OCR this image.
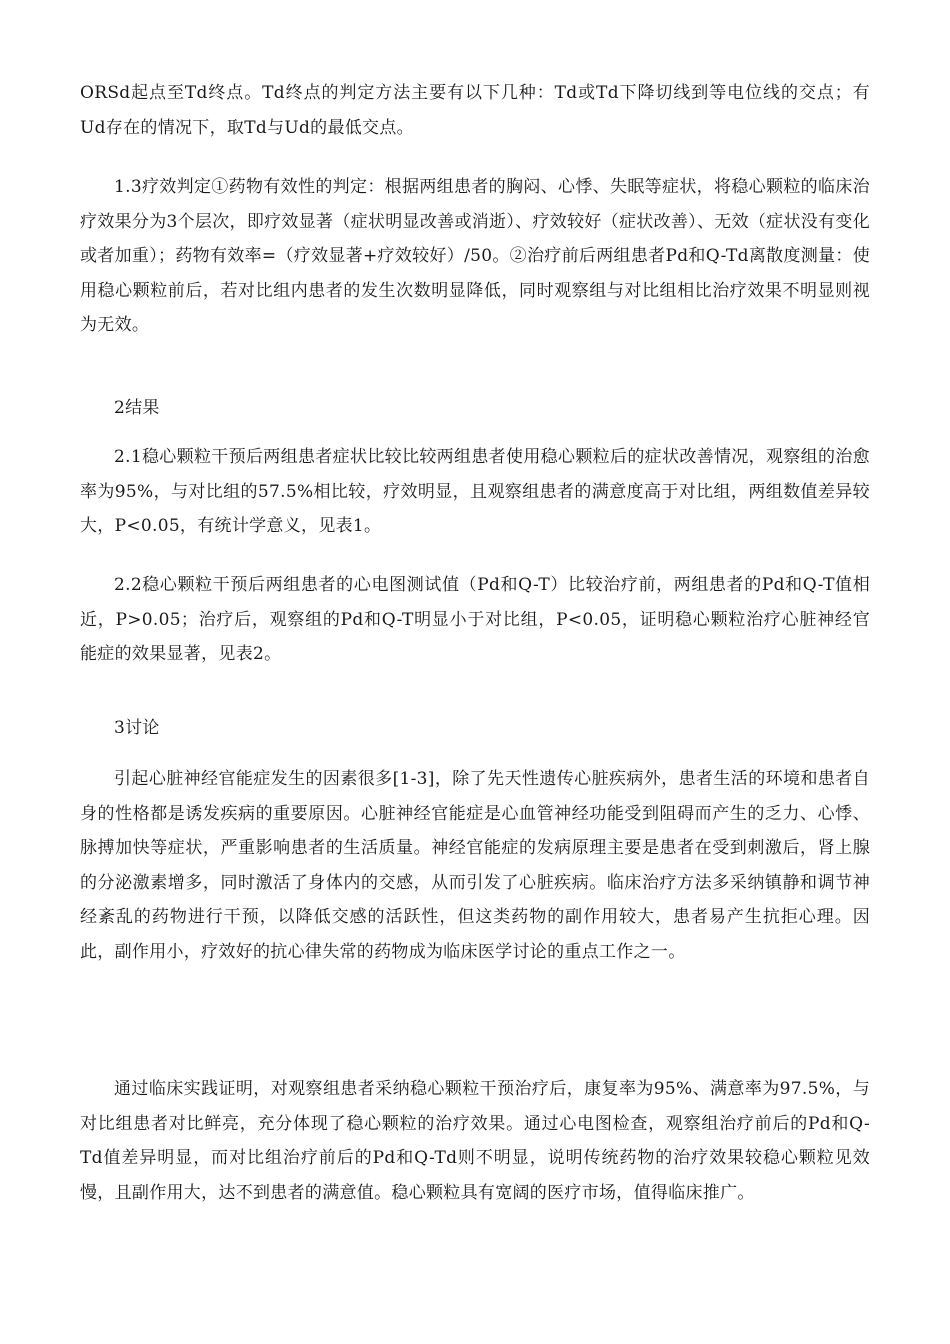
ORSd起点至Td终点。Td终点的判定方法主要有以下几种：Td或Td下降切线到等电位线的交点；有Ud存在的情况下，取Td与Ud的最低交点。

1.3疗效判定①药物有效性的判定：根据两组患者的胸闷、心悸、失眠等症状，将稳心颗粒的临床治疗效果分为3个层次，即疗效显著（症状明显改善或消逝）、疗效较好（症状改善）、无效（症状没有变化或者加重）；药物有效率=（疗效显著+疗效较好）/50。②治疗前后两组患者Pd和Q-Td离散度测量：使用稳心颗粒前后，若对比组内患者的发生次数明显降低，同时观察组与对比组相比治疗效果不明显则视为无效。

2结果

2.1稳心颗粒干预后两组患者症状比较比较两组患者使用稳心颗粒后的症状改善情况，观察组的治愈率为95%，与对比组的57.5%相比较，疗效明显，且观察组患者的满意度高于对比组，两组数值差异较大，P<0.05，有统计学意义，见表1。

2.2稳心颗粒干预后两组患者的心电图测试值（Pd和Q-T）比较治疗前，两组患者的Pd和Q-T值相近，P>0.05；治疗后，观察组的Pd和Q-T明显小于对比组，P<0.05，证明稳心颗粒治疗心脏神经官能症的效果显著，见表2。

3讨论

引起心脏神经官能症发生的因素很多[1-3]，除了先天性遗传心脏疾病外，患者生活的环境和患者自身的性格都是诱发疾病的重要原因。心脏神经官能症是心血管神经功能受到阻碍而产生的乏力、心悸、脉搏加快等症状，严重影响患者的生活质量。神经官能症的发病原理主要是患者在受到刺激后，肾上腺的分泌激素增多，同时激活了身体内的交感，从而引发了心脏疾病。临床治疗方法多采纳镇静和调节神经紊乱的药物进行干预，以降低交感的活跃性，但这类药物的副作用较大，患者易产生抗拒心理。因此，副作用小，疗效好的抗心律失常的药物成为临床医学讨论的重点工作之一。

通过临床实践证明，对观察组患者采纳稳心颗粒干预治疗后，康复率为95%、满意率为97.5%，与对比组患者对比鲜亮，充分体现了稳心颗粒的治疗效果。通过心电图检查，观察组治疗前后的Pd和Q-Td值差异明显，而对比组治疗前后的Pd和Q-Td则不明显，说明传统药物的治疗效果较稳心颗粒见效慢，且副作用大，达不到患者的满意值。稳心颗粒具有宽阔的医疗市场，值得临床推广。
